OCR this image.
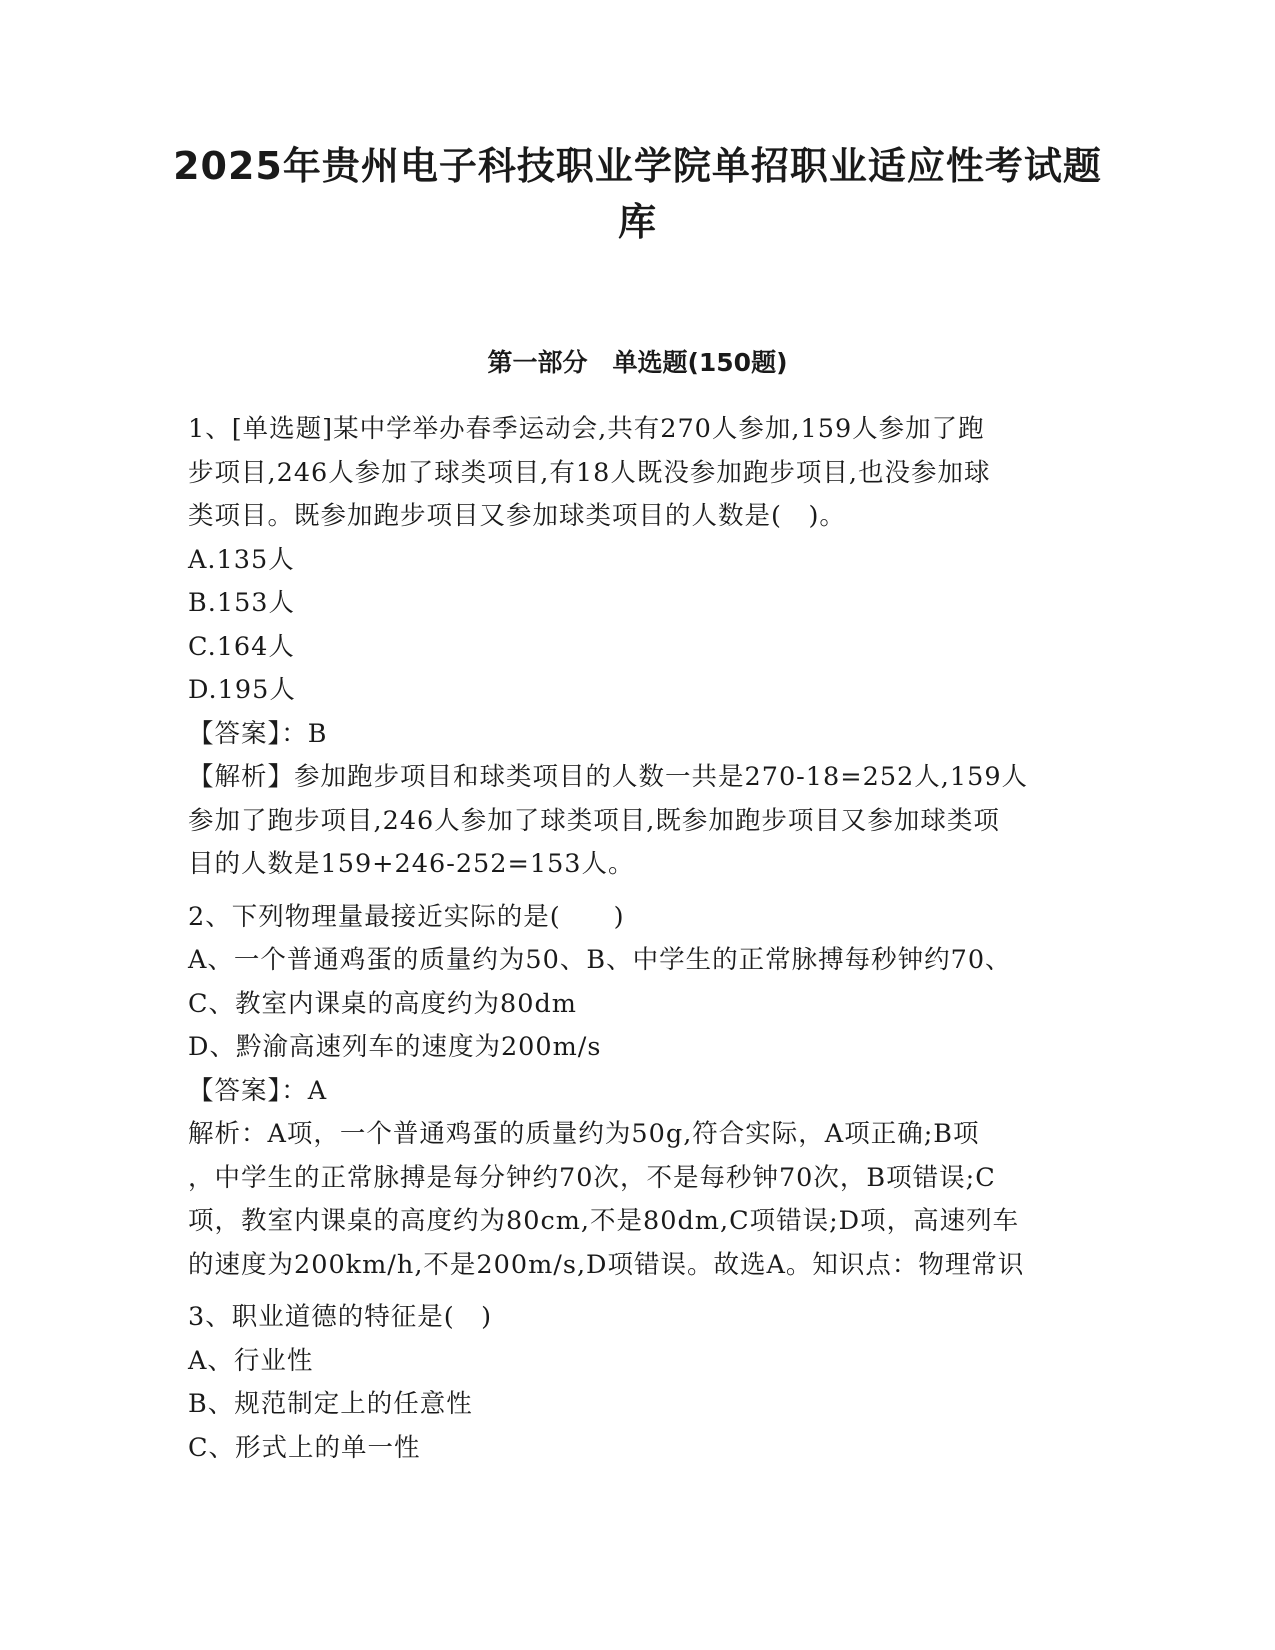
2025年贵州电子科技职业学院单招职业适应性考试题
库
第一部分　单选题(150题)
1、[单选题]某中学举办春季运动会,共有270人参加,159人参加了跑
步项目,246人参加了球类项目,有18人既没参加跑步项目,也没参加球
类项目。既参加跑步项目又参加球类项目的人数是(　)。
A.135人
B.153人
C.164人
D.195人
【答案】：B
【解析】参加跑步项目和球类项目的人数一共是270-18=252人,159人
参加了跑步项目,246人参加了球类项目,既参加跑步项目又参加球类项
目的人数是159+246-252=153人。
2、下列物理量最接近实际的是(　　)
A、一个普通鸡蛋的质量约为50、B、中学生的正常脉搏每秒钟约70、
C、教室内课桌的高度约为80dm
D、黔渝高速列车的速度为200m/s
【答案】：A
解析：A项，一个普通鸡蛋的质量约为50g,符合实际，A项正确;B项
，中学生的正常脉搏是每分钟约70次，不是每秒钟70次，B项错误;C
项，教室内课桌的高度约为80cm,不是80dm,C项错误;D项，高速列车
的速度为200km/h,不是200m/s,D项错误。故选A。知识点：物理常识
3、职业道德的特征是(　)
A、行业性
B、规范制定上的任意性
C、形式上的单一性
